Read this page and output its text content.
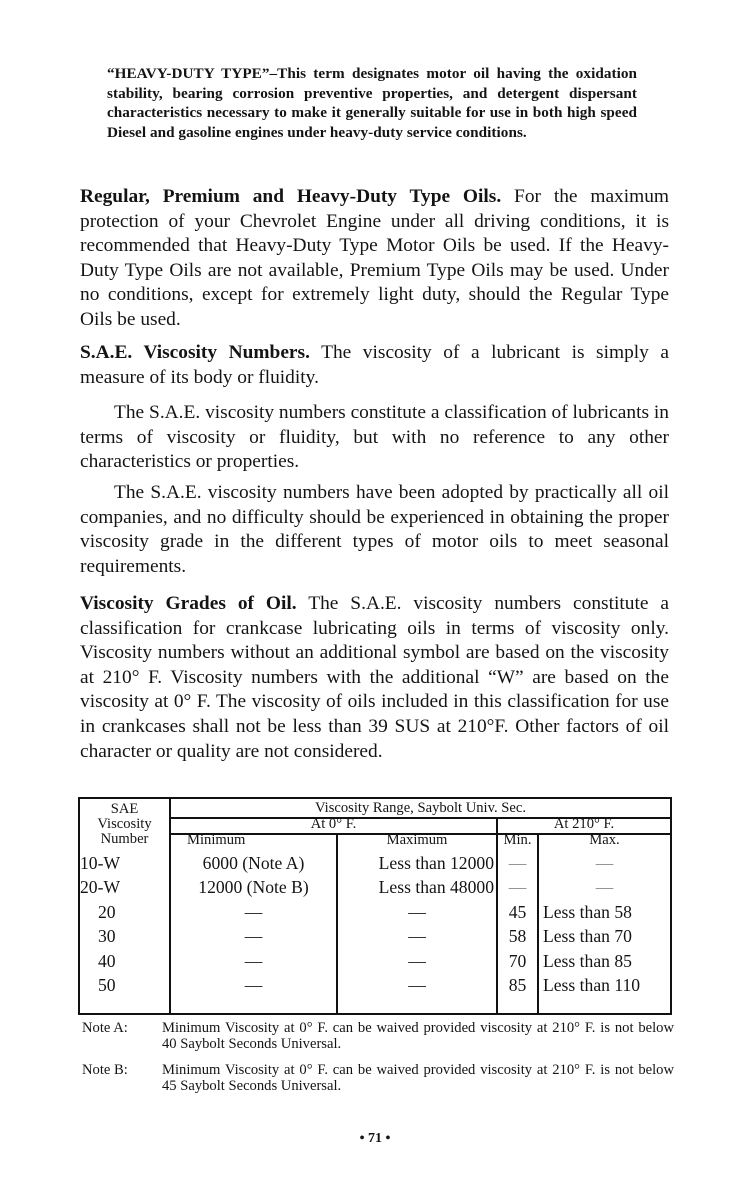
“HEAVY-DUTY TYPE”–This term designates motor oil having the oxidation stability, bearing corrosion preventive properties, and detergent dispersant characteristics necessary to make it generally suitable for use in both high speed Diesel and gasoline engines under heavy-duty service conditions.
Regular, Premium and Heavy-Duty Type Oils. For the maximum protection of your Chevrolet Engine under all driving conditions, it is recommended that Heavy-Duty Type Motor Oils be used. If the Heavy-Duty Type Oils are not available, Premium Type Oils may be used. Under no conditions, except for extremely light duty, should the Regular Type Oils be used.
S.A.E. Viscosity Numbers. The viscosity of a lubricant is simply a measure of its body or fluidity.
The S.A.E. viscosity numbers constitute a classification of lubricants in terms of viscosity or fluidity, but with no reference to any other characteristics or properties.
The S.A.E. viscosity numbers have been adopted by practically all oil companies, and no difficulty should be experienced in obtaining the proper viscosity grade in the different types of motor oils to meet seasonal requirements.
Viscosity Grades of Oil. The S.A.E. viscosity numbers constitute a classification for crankcase lubricating oils in terms of viscosity only. Viscosity numbers without an additional symbol are based on the viscosity at 210° F. Viscosity numbers with the additional “W” are based on the viscosity at 0° F. The viscosity of oils included in this classification for use in crankcases shall not be less than 39 SUS at 210°F. Other factors of oil character or quality are not considered.
SAE
Viscosity
Number
Viscosity Range, Saybolt Univ. Sec.
At 0° F.	At 210° F.
Minimum	Maximum	Min.	Max.
10-W	6000 (Note A)	Less than 12000 —	—
20-W	12000 (Note B)	Less than 48000 —	—
20	—	—	45 Less than 58
30	—	—	58 Less than 70
40	—	—	70 Less than 85
50	—	—	85 Less than 110
Note A: Minimum Viscosity at 0° F. can be waived provided viscosity at 210° F. is not below 40 Saybolt Seconds Universal.
Note B: Minimum Viscosity at 0° F. can be waived provided viscosity at 210° F. is not below 45 Saybolt Seconds Universal.
• 71 •
